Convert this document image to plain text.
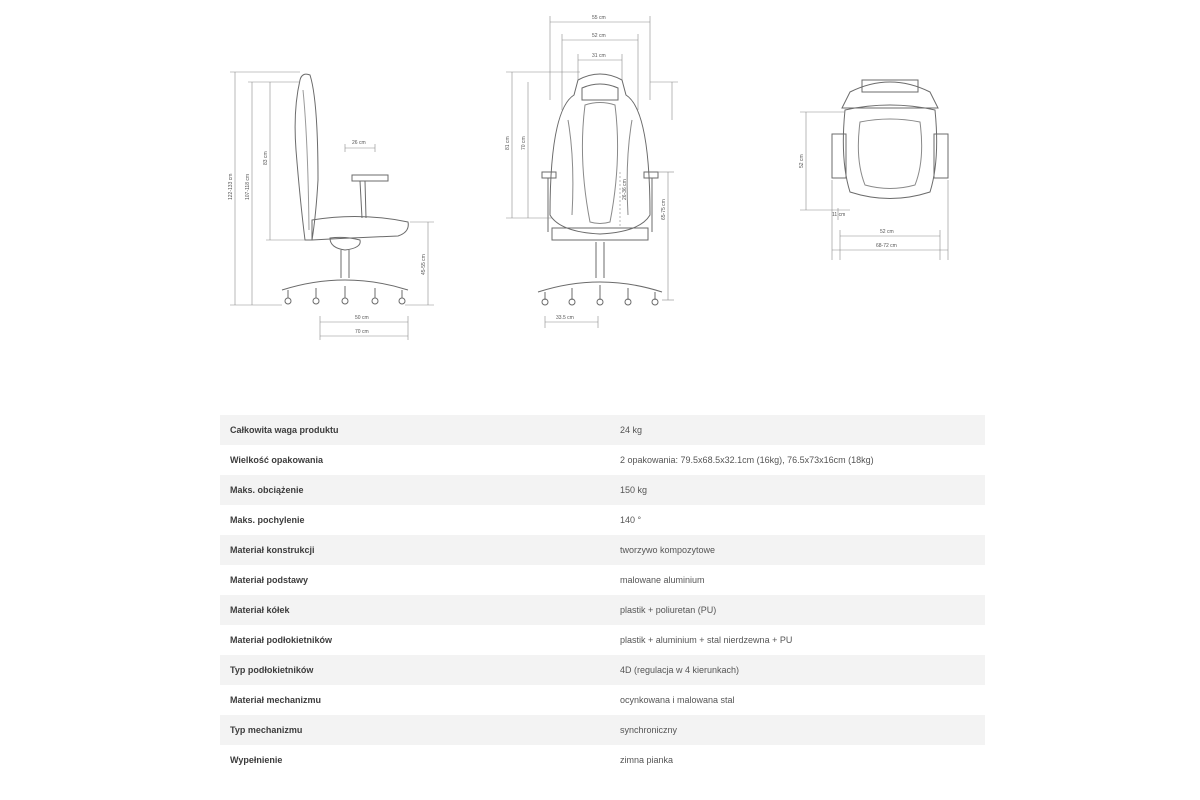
122-133 cm 107-118 cm
83 cm
26 cm
45-55 cm
50 cm
70 cm
55 cm
52 cm
31 cm
81 cm 70 cm
26-36 cm
65-75 cm
33.5 cm
52 cm
11 cm
52 cm
68-72 cm
Całkowita waga produktu	24 kg
Wielkość opakowania	2 opakowania: 79.5x68.5x32.1cm (16kg), 76.5x73x16cm (18kg)
Maks. obciążenie	150 kg
Maks. pochylenie	140 °
Materiał konstrukcji	tworzywo kompozytowe
Materiał podstawy	malowane aluminium
Materiał kółek	plastik + poliuretan (PU)
Materiał podłokietników	plastik + aluminium + stal nierdzewna + PU
Typ podłokietników	4D (regulacja w 4 kierunkach)
Materiał mechanizmu	ocynkowana i malowana stal
Typ mechanizmu	synchroniczny
Wypełnienie	zimna pianka
